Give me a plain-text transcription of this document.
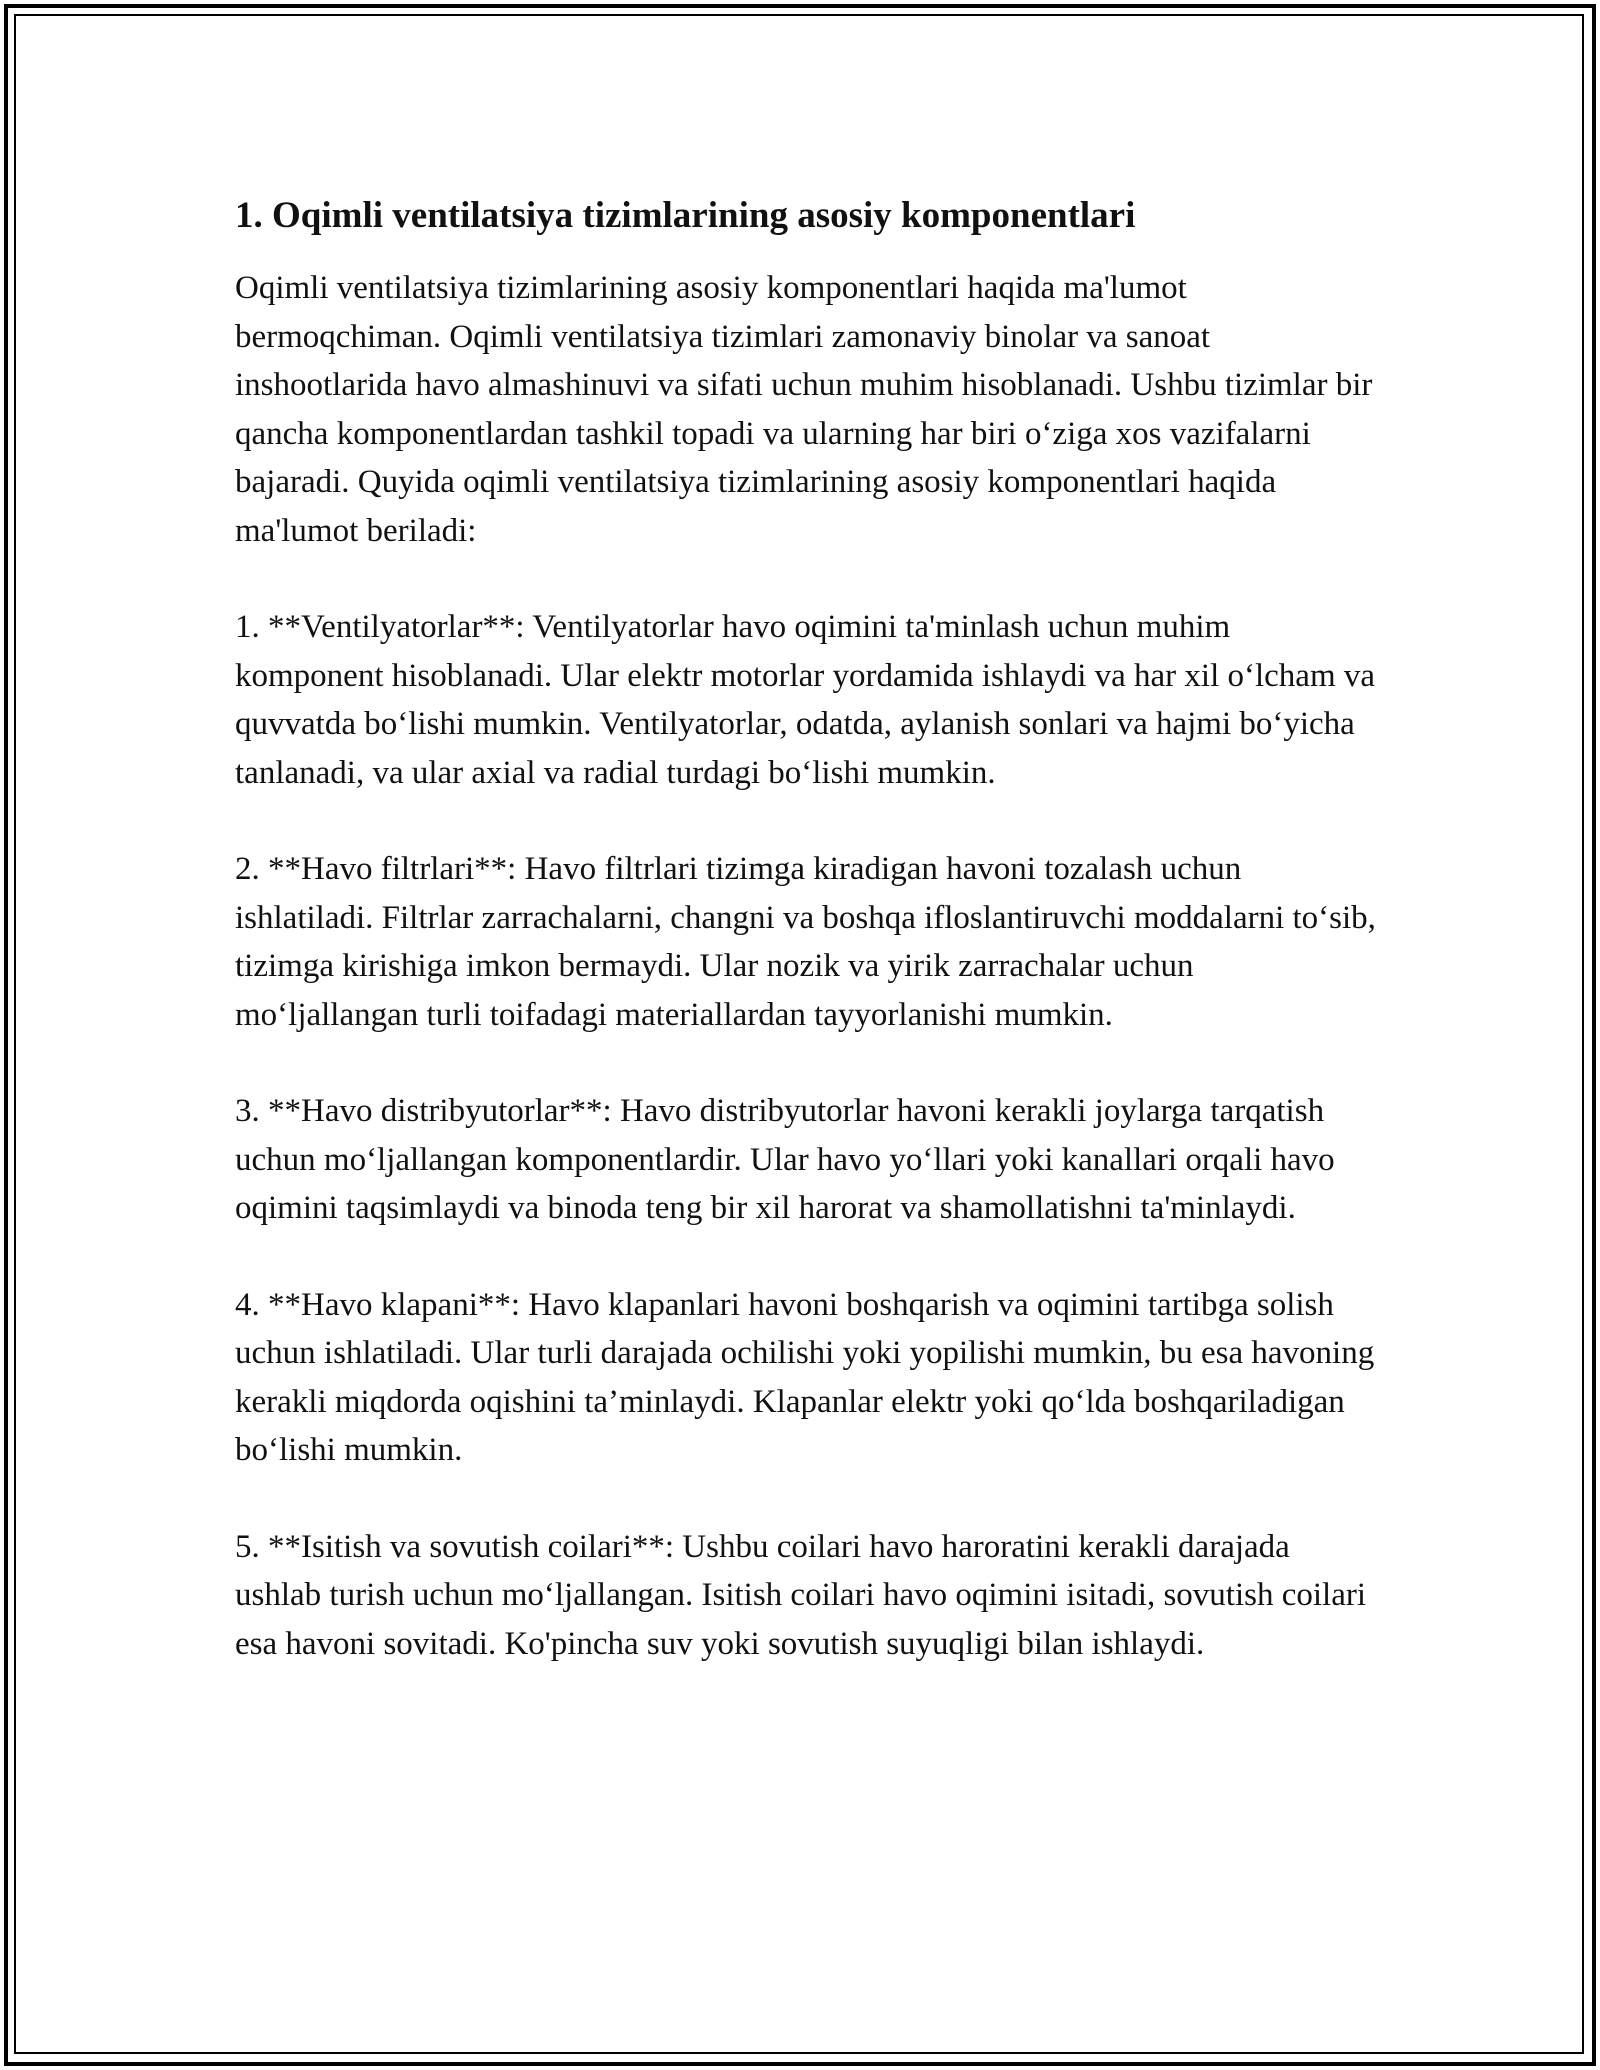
1. Oqimli ventilatsiya tizimlarining asosiy komponentlari

Oqimli ventilatsiya tizimlarining asosiy komponentlari haqida ma'lumot bermoqchiman. Oqimli ventilatsiya tizimlari zamonaviy binolar va sanoat inshootlarida havo almashinuvi va sifati uchun muhim hisoblanadi. Ushbu tizimlar bir qancha komponentlardan tashkil topadi va ularning har biri o‘ziga xos vazifalarni bajaradi. Quyida oqimli ventilatsiya tizimlarining asosiy komponentlari haqida ma'lumot beriladi:

1. **Ventilyatorlar**: Ventilyatorlar havo oqimini ta'minlash uchun muhim komponent hisoblanadi. Ular elektr motorlar yordamida ishlaydi va har xil o‘lcham va quvvatda bo‘lishi mumkin. Ventilyatorlar, odatda, aylanish sonlari va hajmi bo‘yicha tanlanadi, va ular axial va radial turdagi bo‘lishi mumkin.

2. **Havo filtrlari**: Havo filtrlari tizimga kiradigan havoni tozalash uchun ishlatiladi. Filtrlar zarrachalarni, changni va boshqa ifloslantiruvchi moddalarni to‘sib, tizimga kirishiga imkon bermaydi. Ular nozik va yirik zarrachalar uchun mo‘ljallangan turli toifadagi materiallardan tayyorlanishi mumkin.

3. **Havo distribyutorlar**: Havo distribyutorlar havoni kerakli joylarga tarqatish uchun mo‘ljallangan komponentlardir. Ular havo yo‘llari yoki kanallari orqali havo oqimini taqsimlaydi va binoda teng bir xil harorat va shamollatishni ta'minlaydi.

4. **Havo klapani**: Havo klapanlari havoni boshqarish va oqimini tartibga solish uchun ishlatiladi. Ular turli darajada ochilishi yoki yopilishi mumkin, bu esa havoning kerakli miqdorda oqishini ta’minlaydi. Klapanlar elektr yoki qo‘lda boshqariladigan bo‘lishi mumkin.

5. **Isitish va sovutish coilari**: Ushbu coilari havo haroratini kerakli darajada ushlab turish uchun mo‘ljallangan. Isitish coilari havo oqimini isitadi, sovutish coilari esa havoni sovitadi. Ko'pincha suv yoki sovutish suyuqligi bilan ishlaydi.
